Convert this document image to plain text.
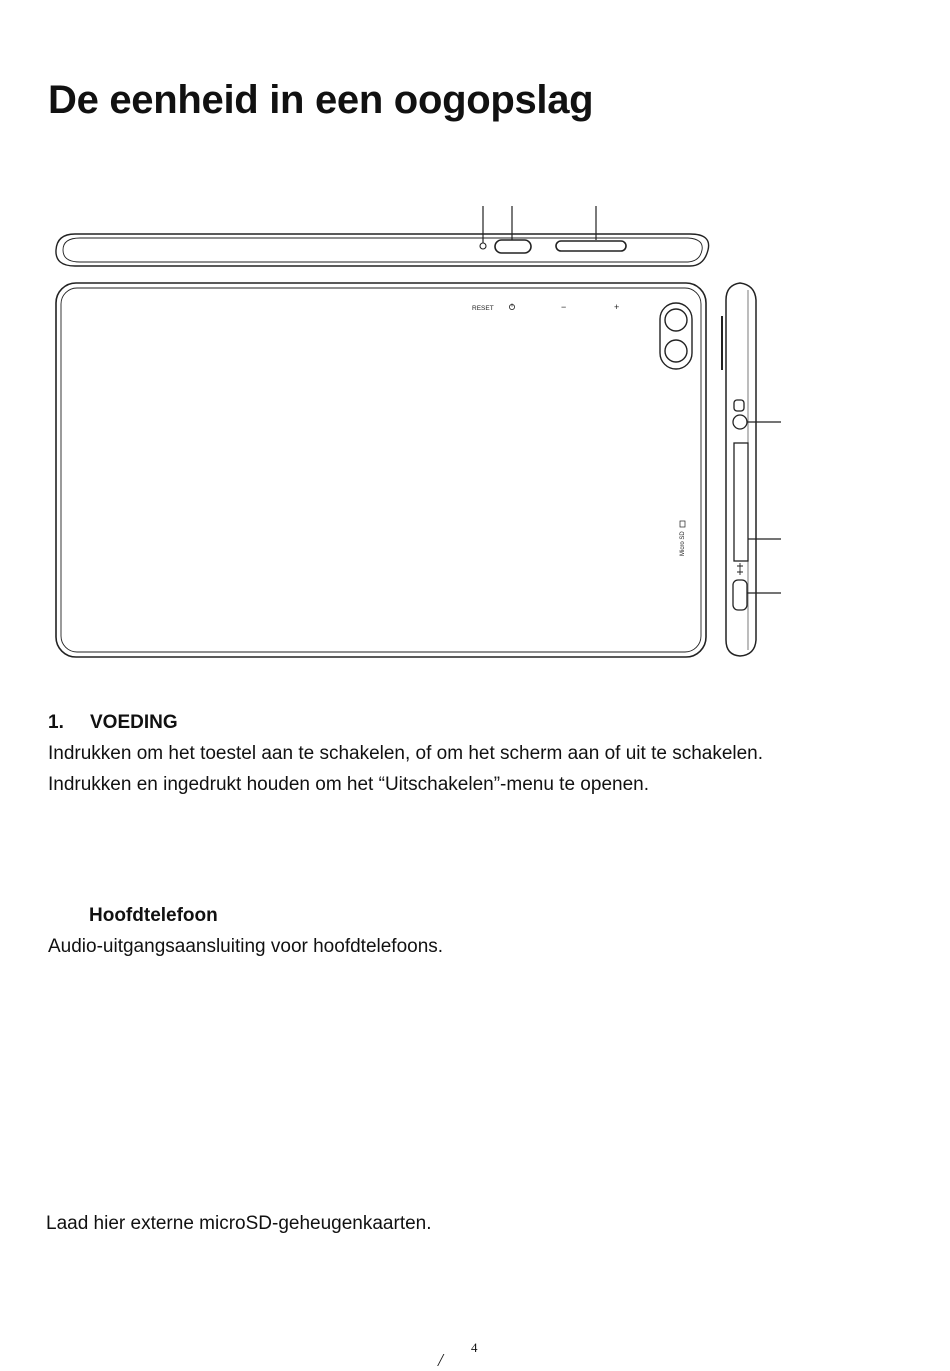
De eenheid in een oogopslag
RESET	−	+
Micro SD
1. VOEDING
Indrukken om het toestel aan te schakelen, of om het scherm aan of uit te schakelen.
Indrukken en ingedrukt houden om het “Uitschakelen”-menu te openen.
Hoofdtelefoon
Audio-uitgangsaansluiting voor hoofdtelefoons.
Laad hier externe microSD-geheugenkaarten.
4
/
